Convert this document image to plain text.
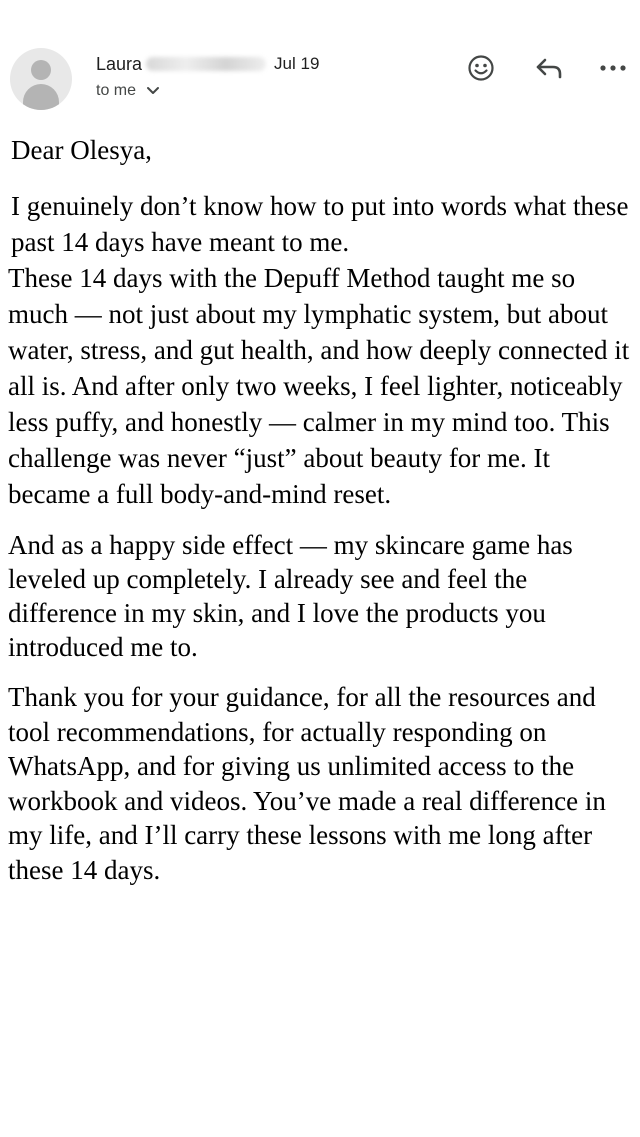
Laura	Jul 19
to me

Dear Olesya,

I genuinely don’t know how to put into words what these past 14 days have meant to me.

These 14 days with the Depuff Method taught me so much — not just about my lymphatic system, but about water, stress, and gut health, and how deeply connected it all is. And after only two weeks, I feel lighter, noticeably less puffy, and honestly — calmer in my mind too. This challenge was never “just” about beauty for me. It became a full body-and-mind reset.

And as a happy side effect — my skincare game has leveled up completely. I already see and feel the difference in my skin, and I love the products you introduced me to.

Thank you for your guidance, for all the resources and tool recommendations, for actually responding on WhatsApp, and for giving us unlimited access to the workbook and videos. You’ve made a real difference in my life, and I’ll carry these lessons with me long after these 14 days.
